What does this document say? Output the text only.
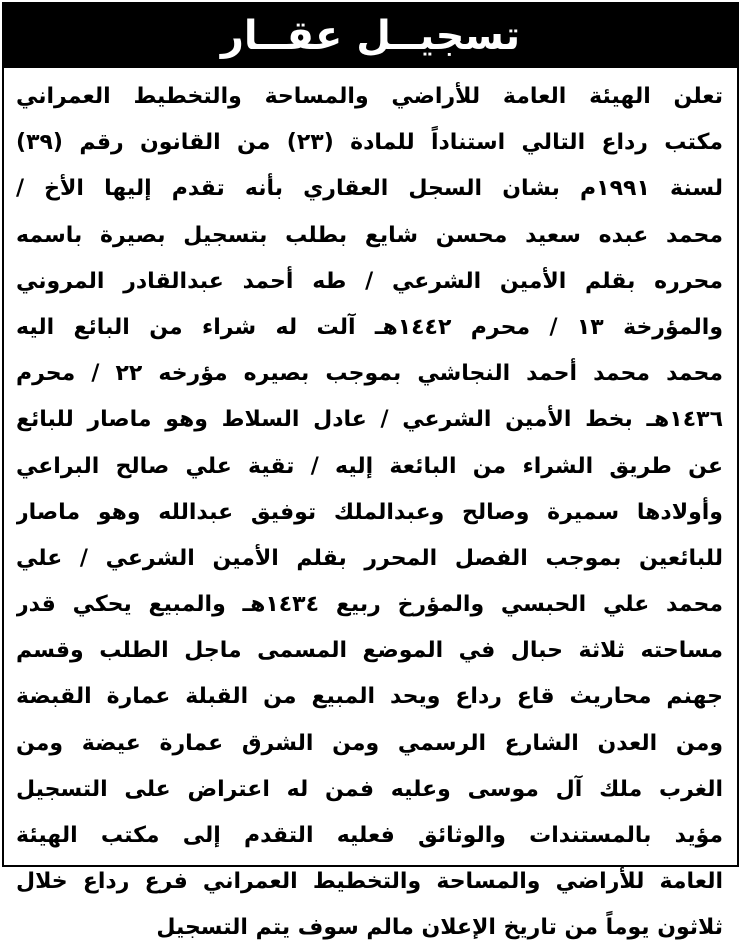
تسجيــل عقــار
تعلن الهيئة العامة للأراضي والمساحة والتخطيط العمراني
مكتب رداع التالي استناداً للمادة (٢٣) من القانون رقم (٣٩)
لسنة ١٩٩١م بشان السجل العقاري بأنه تقدم إليها الأخ /
محمد عبده سعيد محسن شايع بطلب بتسجيل بصيرة باسمه
محرره بقلم الأمين الشرعي / طه أحمد عبدالقادر المروني
والمؤرخة ١٣ / محرم ١٤٤٢هـ آلت له شراء من البائع اليه
محمد محمد أحمد النجاشي بموجب بصيره مؤرخه ٢٢ / محرم
١٤٣٦هـ بخط الأمين الشرعي / عادل السلاط وهو ماصار للبائع
عن طريق الشراء من البائعة إليه / تقية علي صالح البراعي
وأولادها سميرة وصالح وعبدالملك توفيق عبدالله وهو ماصار
للبائعين بموجب الفصل المحرر بقلم الأمين الشرعي / علي
محمد علي الحبسي والمؤرخ ربيع ١٤٣٤هـ والمبيع يحكي قدر
مساحته ثلاثة حبال في الموضع المسمى ماجل الطلب وقسم
جهنم محاريث قاع رداع ويحد المبيع من القبلة عمارة القبضة
ومن العدن الشارع الرسمي ومن الشرق عمارة عيضة ومن
الغرب ملك آل موسى وعليه فمن له اعتراض على التسجيل
مؤيد بالمستندات والوثائق فعليه التقدم إلى مكتب الهيئة
العامة للأراضي والمساحة والتخطيط العمراني فرع رداع خلال
ثلاثون يوماً من تاريخ الإعلان مالم سوف يتم التسجيل
